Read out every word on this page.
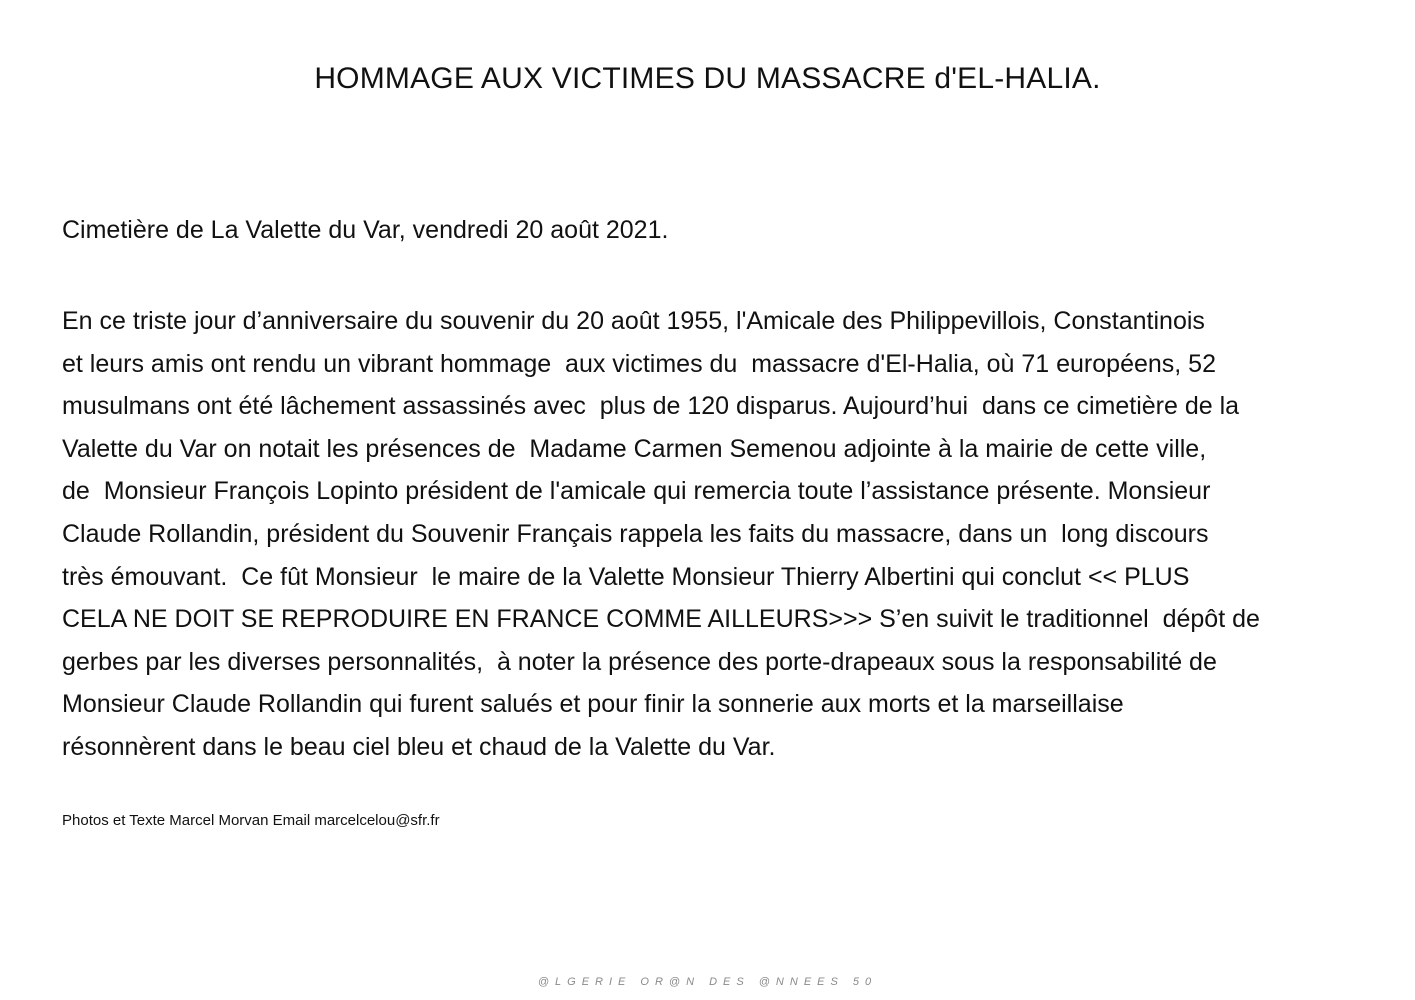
HOMMAGE AUX VICTIMES DU MASSACRE d'EL-HALIA.
Cimetière de La Valette du Var, vendredi 20 août 2021.
En ce triste jour d’anniversaire du souvenir du 20 août 1955, l'Amicale des Philippevillois, Constantinois
et leurs amis ont rendu un vibrant hommage  aux victimes du  massacre d'El-Halia, où 71 européens, 52
musulmans ont été lâchement assassinés avec  plus de 120 disparus. Aujourd’hui  dans ce cimetière de la
Valette du Var on notait les présences de  Madame Carmen Semenou adjointe à la mairie de cette ville,
de  Monsieur François Lopinto président de l'amicale qui remercia toute l’assistance présente. Monsieur
Claude Rollandin, président du Souvenir Français rappela les faits du massacre, dans un  long discours
très émouvant.  Ce fût Monsieur  le maire de la Valette Monsieur Thierry Albertini qui conclut << PLUS
CELA NE DOIT SE REPRODUIRE EN FRANCE COMME AILLEURS>>> S’en suivit le traditionnel  dépôt de
gerbes par les diverses personnalités,  à noter la présence des porte-drapeaux sous la responsabilité de
Monsieur Claude Rollandin qui furent salués et pour finir la sonnerie aux morts et la marseillaise
résonnèrent dans le beau ciel bleu et chaud de la Valette du Var.
Photos et Texte Marcel Morvan Email marcelcelou@sfr.fr
@LGERIE OR@N DES @NNEES 50
